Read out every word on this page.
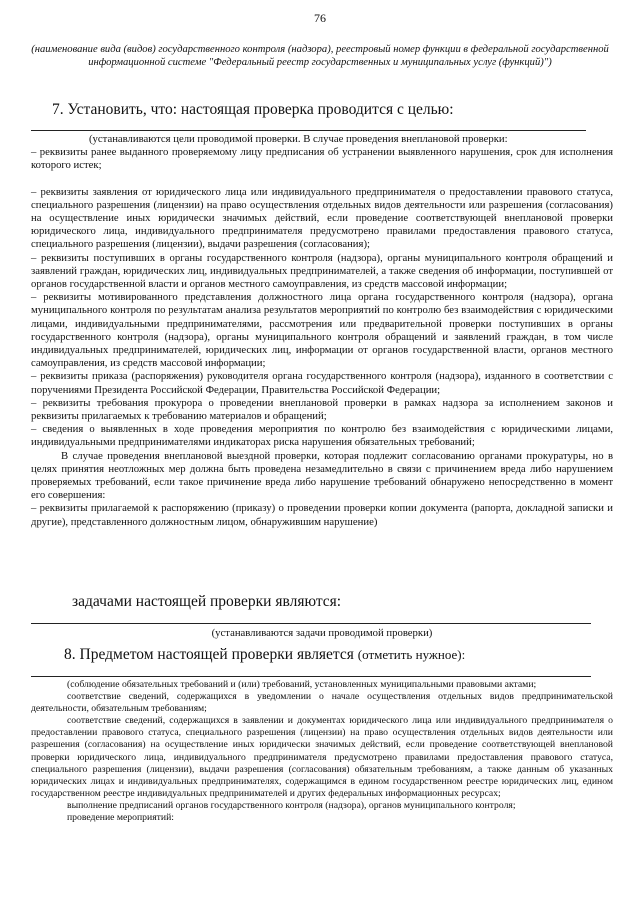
76
(наименование вида (видов) государственного контроля (надзора), реестровый номер функции в федеральной государственной информационной системе "Федеральный реестр государственных и муниципальных услуг (функций)")
7. Установить, что: настоящая проверка проводится с целью:

(устанавливаются цели проводимой проверки. В случае проведения внеплановой проверки:

– реквизиты ранее выданного проверяемому лицу предписания об устранении выявленного нарушения, срок для исполнения которого истек;

– реквизиты заявления от юридического лица или индивидуального предпринимателя о предоставлении правового статуса, специального разрешения (лицензии) на право осуществления отдельных видов деятельности или разрешения (согласования) на осуществление иных юридически значимых действий, если проведение соответствующей внеплановой проверки юридического лица, индивидуального предпринимателя предусмотрено правилами предоставления правового статуса, специального разрешения (лицензии), выдачи разрешения (согласования);

– реквизиты поступивших в органы государственного контроля (надзора), органы муниципального контроля обращений и заявлений граждан, юридических лиц, индивидуальных предпринимателей, а также сведения об информации, поступившей от органов государственной власти и органов местного самоуправления, из средств массовой информации;

– реквизиты мотивированного представления должностного лица органа государственного контроля (надзора), органа муниципального контроля по результатам анализа результатов мероприятий по контролю без взаимодействия с юридическими лицами, индивидуальными предпринимателями, рассмотрения или предварительной проверки поступивших в органы государственного контроля (надзора), органы муниципального контроля обращений и заявлений граждан, в том числе индивидуальных предпринимателей, юридических лиц, информации от органов государственной власти, органов местного самоуправления, из средств массовой информации;

– реквизиты приказа (распоряжения) руководителя органа государственного контроля (надзора), изданного в соответствии с поручениями Президента Российской Федерации, Правительства Российской Федерации;

– реквизиты требования прокурора о проведении внеплановой проверки в рамках надзора за исполнением законов и реквизиты прилагаемых к требованию материалов и обращений;

– сведения о выявленных в ходе проведения мероприятия по контролю без взаимодействия с юридическими лицами, индивидуальными предпринимателями индикаторах риска нарушения обязательных требований;

В случае проведения внеплановой выездной проверки, которая подлежит согласованию органами прокуратуры, но в целях принятия неотложных мер должна быть проведена незамедлительно в связи с причинением вреда либо нарушением проверяемых требований, если такое причинение вреда либо нарушение требований обнаружено непосредственно в момент его совершения:

– реквизиты прилагаемой к распоряжению (приказу) о проведении проверки копии документа (рапорта, докладной записки и другие), представленного должностным лицом, обнаружившим нарушение)

задачами настоящей проверки являются:
(устанавливаются задачи проводимой проверки)
8. Предметом настоящей проверки является (отметить нужное):

(соблюдение обязательных требований и (или) требований, установленных муниципальными правовыми актами;

соответствие сведений, содержащихся в уведомлении о начале осуществления отдельных видов предпринимательской деятельности, обязательным требованиям;

соответствие сведений, содержащихся в заявлении и документах юридического лица или индивидуального предпринимателя о предоставлении правового статуса, специального разрешения (лицензии) на право осуществления отдельных видов деятельности или разрешения (согласования) на осуществление иных юридически значимых действий, если проведение соответствующей внеплановой проверки юридического лица, индивидуального предпринимателя предусмотрено правилами предоставления правового статуса, специального разрешения (лицензии), выдачи разрешения (согласования) обязательным требованиям, а также данным об указанных юридических лицах и индивидуальных предпринимателях, содержащимся в едином государственном реестре юридических лиц, едином государственном реестре индивидуальных предпринимателей и других федеральных информационных ресурсах;

выполнение предписаний органов государственного контроля (надзора), органов муниципального контроля;

проведение мероприятий:
